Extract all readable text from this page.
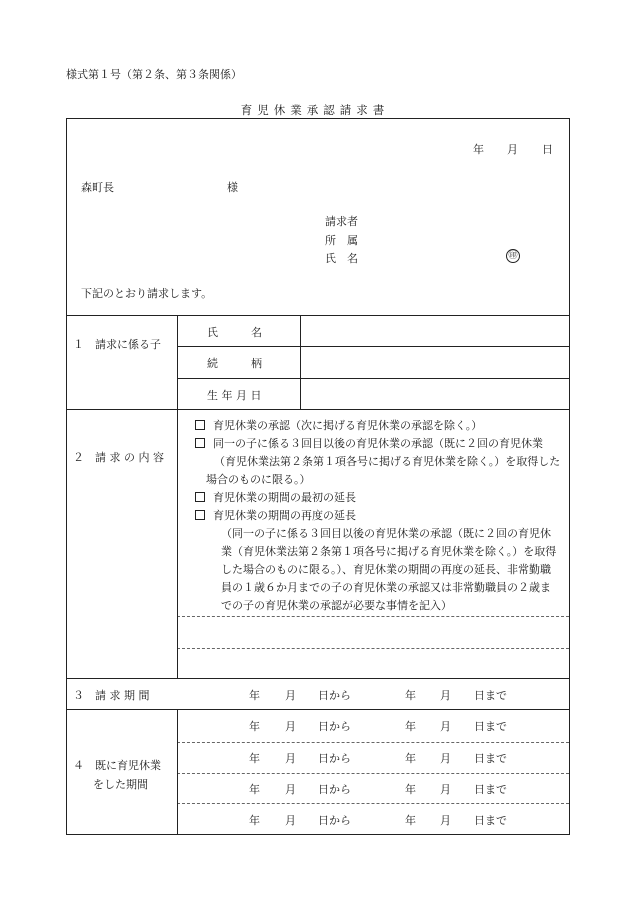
様式第１号（第２条、第３条関係）
育児休業承認請求書
年 月 日
森町長	様
請求者
所　属
氏　名	㊞
下記のとおり請求します。
１　請求に係る子
氏　　　名
続　　　柄
生 年 月 日
２　請 求 の 内 容
育児休業の承認（次に掲げる育児休業の承認を除く。）
同一の子に係る３回目以後の育児休業の承認（既に２回の育児休業
（育児休業法第２条第１項各号に掲げる育児休業を除く。）を取得した
場合のものに限る。）
育児休業の期間の最初の延長
育児休業の期間の再度の延長
（同一の子に係る３回目以後の育児休業の承認（既に２回の育児休
業（育児休業法第２条第１項各号に掲げる育児休業を除く。）を取得
した場合のものに限る。）、育児休業の期間の再度の延長、非常勤職
員の１歳６か月までの子の育児休業の承認又は非常勤職員の２歳ま
での子の育児休業の承認が必要な事情を記入）
３　請 求 期 間	年 月 日から	年 月 日まで
４　既に育児休業
をした期間
年 月 日から	年 月 日まで
年 月 日から	年 月 日まで
年 月 日から	年 月 日まで
年 月 日から	年 月 日まで
